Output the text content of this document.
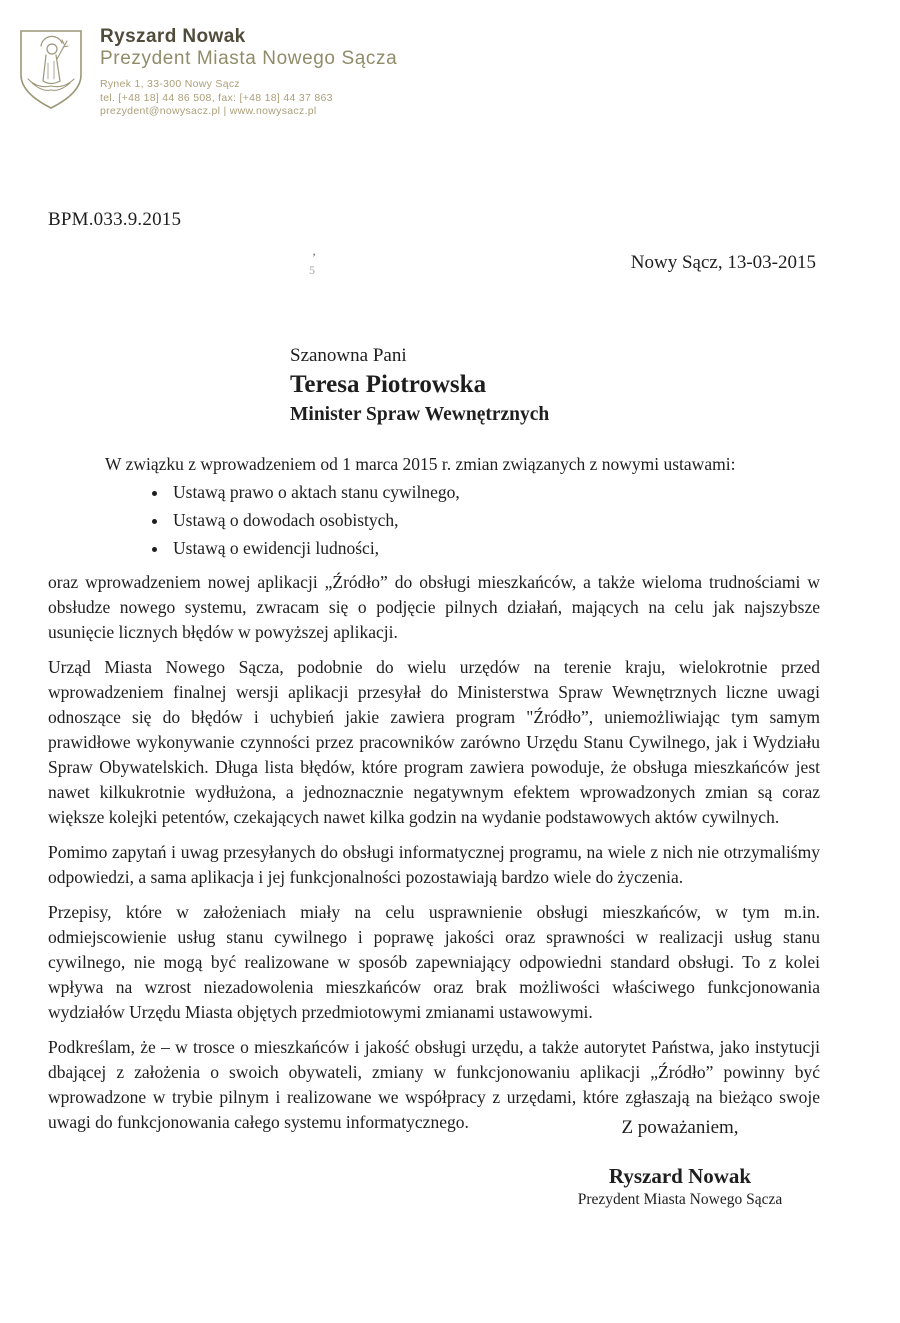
Ryszard Nowak
Prezydent Miasta Nowego Sącza
Rynek 1, 33-300 Nowy Sącz
tel. [+48 18] 44 86 508, fax: [+48 18] 44 37 863
prezydent@nowysacz.pl | www.nowysacz.pl
BPM.033.9.2015
Nowy Sącz, 13-03-2015
’
5
Szanowna Pani
Teresa Piotrowska
Minister Spraw Wewnętrznych

W związku z wprowadzeniem od 1 marca 2015 r. zmian związanych z nowymi ustawami:

• Ustawą prawo o aktach stanu cywilnego,
• Ustawą o dowodach osobistych,
• Ustawą o ewidencji ludności,

oraz wprowadzeniem nowej aplikacji „Źródło” do obsługi mieszkańców, a także wieloma trudnościami w obsłudze nowego systemu, zwracam się o podjęcie pilnych działań, mających na celu jak najszybsze usunięcie licznych błędów w powyższej aplikacji.

Urząd Miasta Nowego Sącza, podobnie do wielu urzędów na terenie kraju, wielokrotnie przed wprowadzeniem finalnej wersji aplikacji przesyłał do Ministerstwa Spraw Wewnętrznych liczne uwagi odnoszące się do błędów i uchybień jakie zawiera program "Źródło”, uniemożliwiając tym samym prawidłowe wykonywanie czynności przez pracowników zarówno Urzędu Stanu Cywilnego, jak i Wydziału Spraw Obywatelskich. Długa lista błędów, które program zawiera powoduje, że obsługa mieszkańców jest nawet kilkukrotnie wydłużona, a jednoznacznie negatywnym efektem wprowadzonych zmian są coraz większe kolejki petentów, czekających nawet kilka godzin na wydanie podstawowych aktów cywilnych.

Pomimo zapytań i uwag przesyłanych do obsługi informatycznej programu, na wiele z nich nie otrzymaliśmy odpowiedzi, a sama aplikacja i jej funkcjonalności pozostawiają bardzo wiele do życzenia.

Przepisy, które w założeniach miały na celu usprawnienie obsługi mieszkańców, w tym m.in. odmiejscowienie usług stanu cywilnego i poprawę jakości oraz sprawności w realizacji usług stanu cywilnego, nie mogą być realizowane w sposób zapewniający odpowiedni standard obsługi. To z kolei wpływa na wzrost niezadowolenia mieszkańców oraz brak możliwości właściwego funkcjonowania wydziałów Urzędu Miasta objętych przedmiotowymi zmianami ustawowymi.

Podkreślam, że – w trosce o mieszkańców i jakość obsługi urzędu, a także autorytet Państwa, jako instytucji dbającej z założenia o swoich obywateli, zmiany w funkcjonowaniu aplikacji „Źródło” powinny być wprowadzone w trybie pilnym i realizowane we współpracy z urzędami, które zgłaszają na bieżąco swoje uwagi do funkcjonowania całego systemu informatycznego.	Z poważaniem,
Ryszard Nowak
Prezydent Miasta Nowego Sącza
